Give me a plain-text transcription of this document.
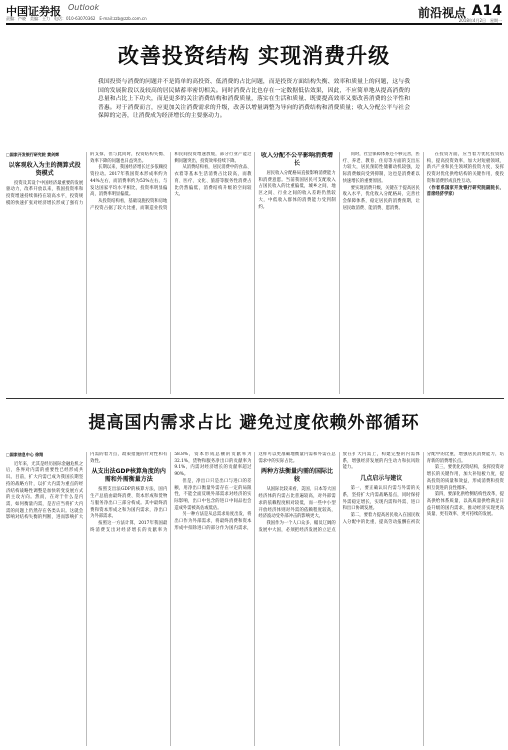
中国证券报 Outlook
责编：卢晓　美编：王力　电话：010-63070362　E-mail:zzb@zzb.com.cn	前沿视点 A14
2018年4月2日　星期一
改善投资结构 实现消费升级
我国投资与消费的问题并不是简单的高投资、低消费的占比问题，而是投资方面结构失衡、效率和质量上的问题，这与我国的发展阶段以及较高的居民储蓄率密切相关。同时消费占比也存在一定数据低估效果，因此，不应简单地从提高消费的总量和占比上下功夫，而是更多的关注消费结构和消费质量，落实在生活和质量、既要提高效率又要改善消费的公平性和普惠。对于消费而言，应更加关注消费需求的升级，改善以增量调整为导向的消费结构和消费质量；收入分配公平与社会保障的完善，让消费成为经济增长的主要驱动力。
□国家开发银行研究院 黄剑辉
以客观收入为主的测算式投资模式

投资及其设个中国经济最重要的发展驱动力，改革开放以来，我国投资率和投资增速持续保持在较高水平，投资规模的快速扩张对经济增长形成了强有力的支撑，但与此同时，投资结构失衡、效率下降的问题也日益突出。

长期以来，我国经济增长过多依赖投资拉动。2017年我国资本形成率约为44%左右，而消费率约为53%左右，与发达国家平均水平相比，投资率明显偏高，消费率明显偏低。

从投资结构看，基础设施投资和房地产投资占据了较大比重，而制造业投资和民间投资增速放缓，部分行业产能过剩问题突出，投资效率持续下降。

从消费结构看，居民消费中的食品、衣着等基本生活消费占比较高，而教育、医疗、文化、旅游等服务性消费占比仍然偏低，消费结构升级的空间较大。

收入分配不公平影响消费增长

居民收入分配格局直接影响消费能力和消费意愿。当前我国居民可支配收入占国民收入的比重偏低，城乡之间、地区之间、行业之间的收入差距仍然较大，中低收入群体的消费能力受到制约。

同时，社会保障体系还不够完善，医疗、养老、教育、住房等方面的支出压力较大，居民预防性储蓄动机较强，边际消费倾向受到抑制，这也是消费难以快速增长的重要原因。

要实现消费升级，关键在于提高居民收入水平，优化收入分配格局，完善社会保障体系，稳定居民的消费预期，让居民敢消费、能消费、愿消费。

在投资方面，应当着力优化投资结构，提高投资效率，加大对短板领域、新兴产业和民生领域的投资力度，发挥投资对优化供给结构的关键作用，使投资和消费形成良性互动。

（作者系国家开发银行研究院副院长、首席经济学家）
提高国内需求占比 避免过度依赖外部循环
□国家信息中心 徐翔

近年来，尤其是经历国际金融危机之后，各界对内需的重要性已经形成共识。目前，扩大内需已成为我国长期坚持的战略方针，以扩大内需为重点的经济结构战略性调整是加快转变发展方式的主攻方向。然而，在对于什么是内需，如何衡量内需，是否应当将扩大内需的问题上仍然存在各类认识。这就会影响对结构失衡的判断，进而影响扩大内需的着力点，政策措施的针对性和有效性。

从支出法GDP核算角度的内需和外需衡量方法

按照支出法GDP的核算方法，国内生产总值由最终消费、资本形成和货物与服务净出口三部分构成。其中最终消费和资本形成之和为国内需求，净出口为外部需求。

按照这一方法计算，2017年我国最终消费支出对经济增长的贡献率为58.8%，资本形成总额的贡献率为32.1%，货物和服务净出口的贡献率为9.1%，内需对经济增长的贡献率超过90%。

但是，净出口只是出口与进口的差额，用净出口衡量外需存在一定的局限性，不能全面反映外部需求对经济的实际影响，出口中包含的进口中间品也会造成外需被高估或低估。

另一种方法是从总需求角度出发，将出口作为外部需求，将最终消费和资本形成中扣除进口的部分作为国内需求，这样可以更准确地衡量内需和外需在总需求中的实际占比。

两种方法衡量内需的国际比较

从国际比较来看，美国、日本等大国经济体的内需占比普遍较高，对外部需求的依赖程度相对较低，而一些中小型开放经济体则对外需的依赖程度较高，经济波动受外部冲击的影响更大。

我国作为一个人口众多、幅员辽阔的发展中大国，必须把经济发展的立足点放在扩大内需上，构建完整的内需体系，增强经济发展的内生动力和抗风险能力。

几点启示与建议

第一，要正确认识内需与外需的关系，坚持扩大内需战略基点，同时保持外需稳定增长，实现内需和外需、进口和出口协调发展。

第二，要着力提高居民收入在国民收入分配中的比重，提高劳动报酬在初次分配中的比重，增强居民消费能力，培育新的消费增长点。

第三，要优化投资结构，发挥投资对增长的关键作用，加大补短板力度，提高投资的质量和效益，形成消费和投资相互促进的良性循环。

第四，要深化供给侧结构性改革，提高供给体系质量，以高质量供给满足日益升级的国内需求，推动经济实现更高质量、更有效率、更可持续的发展。
